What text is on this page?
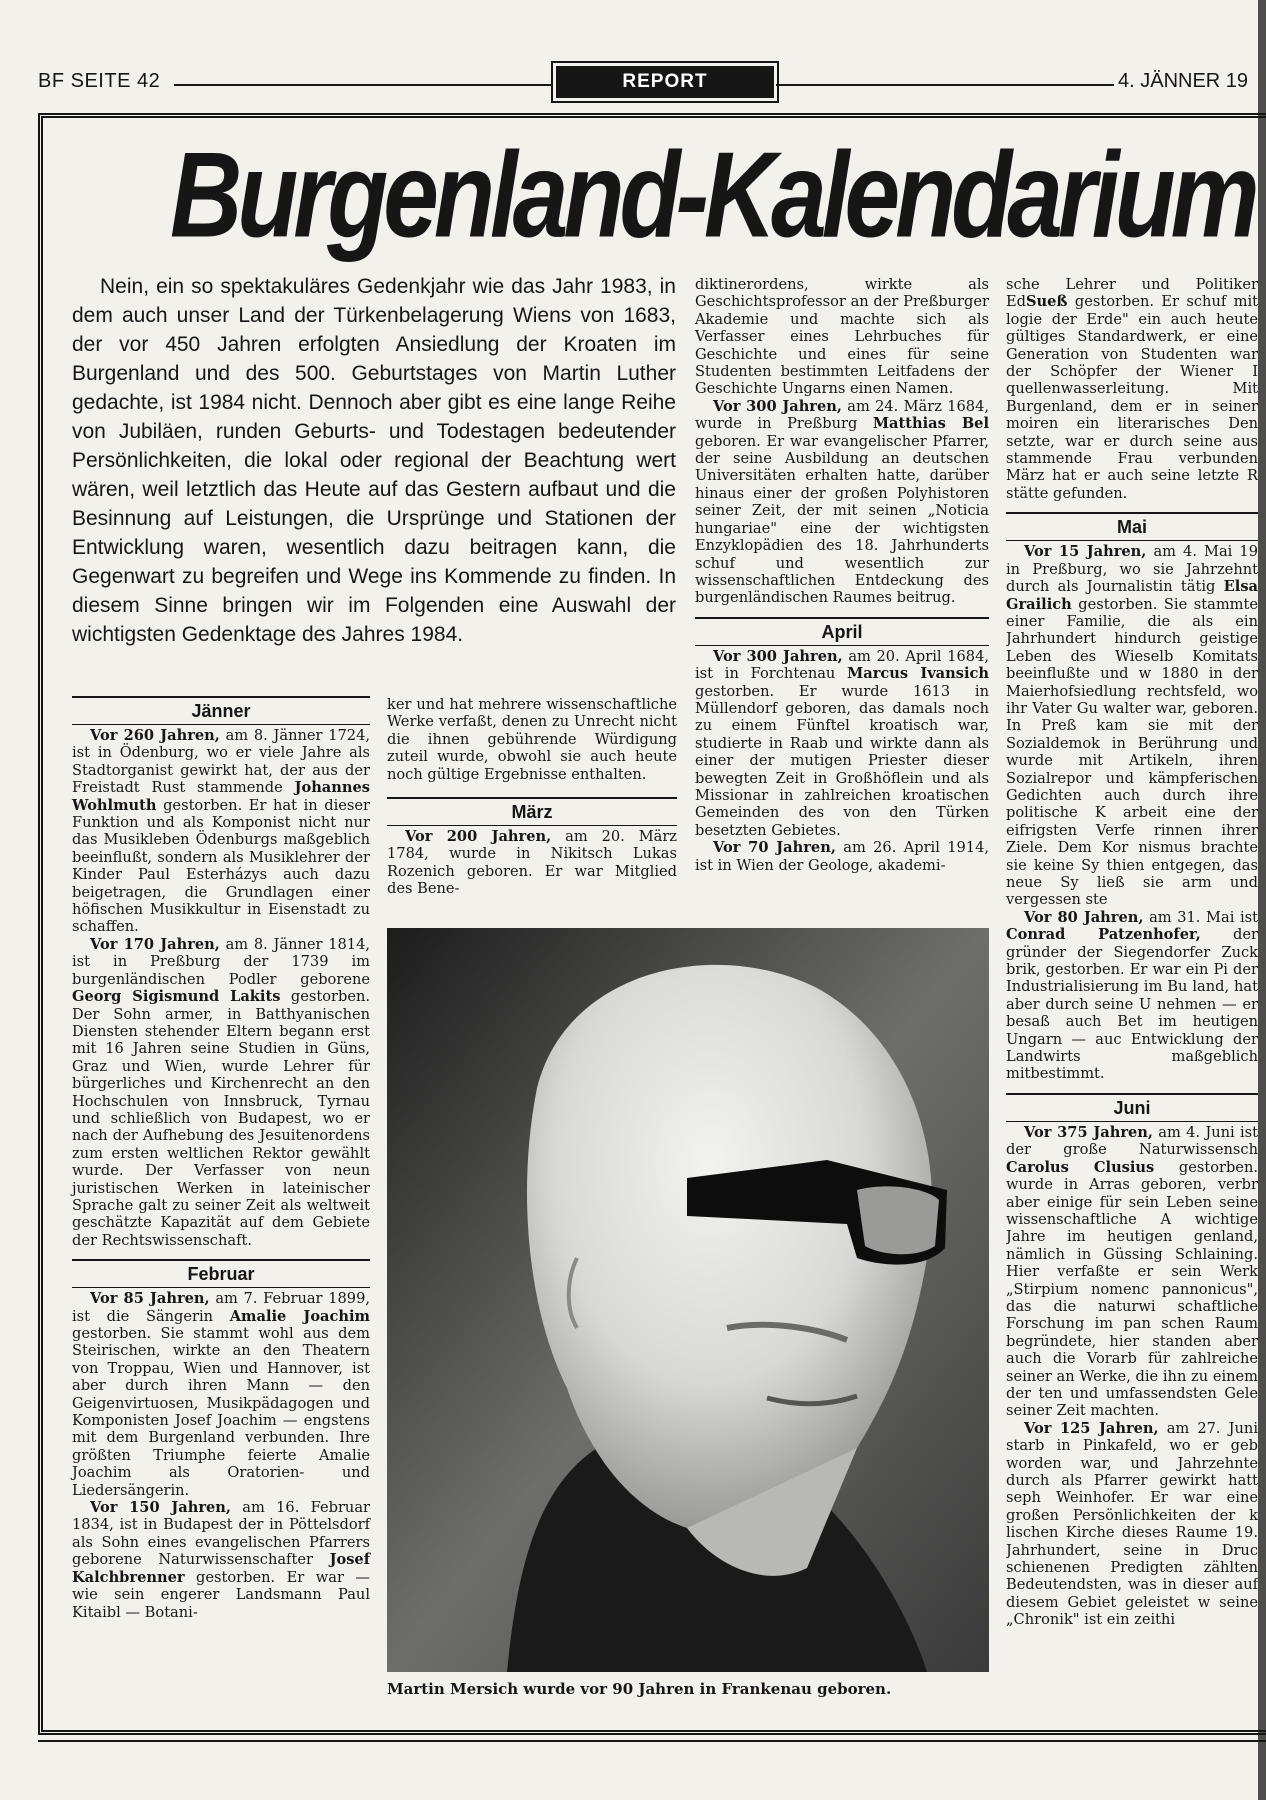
BF SEITE 42	REPORT	4. JÄNNER 19
Burgenland-Kalendarium

Nein, ein so spektakuläres Gedenkjahr wie das Jahr 1983, in dem auch unser Land der Türkenbelagerung Wiens von 1683, der vor 450 Jahren erfolgten Ansiedlung der Kroaten im Burgenland und des 500. Geburtstages von Martin Luther gedachte, ist 1984 nicht. Dennoch aber gibt es eine lange Reihe von Jubiläen, runden Geburts- und Todestagen bedeutender Persönlichkeiten, die lokal oder regional der Beachtung wert wären, weil letztlich das Heute auf das Gestern aufbaut und die Besinnung auf Leistungen, die Ursprünge und Stationen der Entwicklung waren, wesentlich dazu beitragen kann, die Gegenwart zu begreifen und Wege ins Kommende zu finden. In diesem Sinne bringen wir im Folgenden eine Auswahl der wichtigsten Gedenktage des Jahres 1984.

Jänner

Vor 260 Jahren, am 8. Jänner 1724, ist in Ödenburg, wo er viele Jahre als Stadtorganist gewirkt hat, der aus der Freistadt Rust stammende Johannes Wohlmuth gestorben. Er hat in dieser Funktion und als Komponist nicht nur das Musikleben Ödenburgs maßgeblich beeinflußt, sondern als Musiklehrer der Kinder Paul Esterházys auch dazu beigetragen, die Grundlagen einer höfischen Musikkultur in Eisenstadt zu schaffen.

Vor 170 Jahren, am 8. Jänner 1814, ist in Preßburg der 1739 im burgenländischen Podler geborene Georg Sigismund Lakits gestorben. Der Sohn armer, in Batthyanischen Diensten stehender Eltern begann erst mit 16 Jahren seine Studien in Güns, Graz und Wien, wurde Lehrer für bürgerliches und Kirchenrecht an den Hochschulen von Innsbruck, Tyrnau und schließlich von Budapest, wo er nach der Aufhebung des Jesuitenordens zum ersten weltlichen Rektor gewählt wurde. Der Verfasser von neun juristischen Werken in lateinischer Sprache galt zu seiner Zeit als weltweit geschätzte Kapazität auf dem Gebiete der Rechtswissenschaft.

Februar

Vor 85 Jahren, am 7. Februar 1899, ist die Sängerin Amalie Joachim gestorben. Sie stammt wohl aus dem Steirischen, wirkte an den Theatern von Troppau, Wien und Hannover, ist aber durch ihren Mann — den Geigenvirtuosen, Musikpädagogen und Komponisten Josef Joachim — engstens mit dem Burgenland verbunden. Ihre größten Triumphe feierte Amalie Joachim als Oratorien- und Liedersängerin.

Vor 150 Jahren, am 16. Februar 1834, ist in Budapest der in Pöttelsdorf als Sohn eines evangelischen Pfarrers geborene Naturwissenschafter Josef Kalchbrenner gestorben. Er war — wie sein engerer Landsmann Paul Kitaibl — Botani-

ker und hat mehrere wissenschaftliche Werke verfaßt, denen zu Unrecht nicht die ihnen gebührende Würdigung zuteil wurde, obwohl sie auch heute noch gültige Ergebnisse enthalten.

März

Vor 200 Jahren, am 20. März 1784, wurde in Nikitsch Lukas Rozenich geboren. Er war Mitglied des Bene-

diktinerordens, wirkte als Geschichtsprofessor an der Preßburger Akademie und machte sich als Verfasser eines Lehrbuches für Geschichte und eines für seine Studenten bestimmten Leitfadens der Geschichte Ungarns einen Namen.

Vor 300 Jahren, am 24. März 1684, wurde in Preßburg Matthias Bel geboren. Er war evangelischer Pfarrer, der seine Ausbildung an deutschen Universitäten erhalten hatte, darüber hinaus einer der großen Polyhistoren seiner Zeit, der mit seinen „Noticia hungariae" eine der wichtigsten Enzyklopädien des 18. Jahrhunderts schuf und wesentlich zur wissenschaftlichen Entdeckung des burgenländischen Raumes beitrug.

April

Vor 300 Jahren, am 20. April 1684, ist in Forchtenau Marcus Ivansich gestorben. Er wurde 1613 in Müllendorf geboren, das damals noch zu einem Fünftel kroatisch war, studierte in Raab und wirkte dann als einer der mutigen Priester dieser bewegten Zeit in Großhöflein und als Missionar in zahlreichen kroatischen Gemeinden des von den Türken besetzten Gebietes.

Vor 70 Jahren, am 26. April 1914, ist in Wien der Geologe, akademi-

sche Lehrer und Politiker EdSueß gestorben. Er schuf mit logie der Erde" ein auch heute gültiges Standardwerk, er eine Generation von Studenten war der Schöpfer der Wiener I quellenwasserleitung. Mit Burgenland, dem er in seiner moiren ein literarisches Den setzte, war er durch seine aus stammende Frau verbunden März hat er auch seine letzte R stätte gefunden.

Mai

Vor 15 Jahren, am 4. Mai 19 in Preßburg, wo sie Jahrzehnt durch als Journalistin tätig Elsa Grailich gestorben. Sie stammte einer Familie, die als ein Jahrhundert hindurch geistige Leben des Wieselb Komitats beeinflußte und w 1880 in der Maierhofsiedlung rechtsfeld, wo ihr Vater Gu walter war, geboren. In Preß kam sie mit der Sozialdemok in Berührung und wurde mit Artikeln, ihren Sozialrepor und kämpferischen Gedichten auch durch ihre politische K arbeit eine der eifrigsten Verfe rinnen ihrer Ziele. Dem Kor nismus brachte sie keine Sy thien entgegen, das neue Sy ließ sie arm und vergessen ste

Vor 80 Jahren, am 31. Mai ist Conrad Patzenhofer, der gründer der Siegendorfer Zuck brik, gestorben. Er war ein Pi der Industrialisierung im Bu land, hat aber durch seine U nehmen — er besaß auch Bet im heutigen Ungarn — auc Entwicklung der Landwirts maßgeblich mitbestimmt.

Juni

Vor 375 Jahren, am 4. Juni ist der große Naturwissensch Carolus Clusius gestorben. wurde in Arras geboren, verbr aber einige für sein Leben seine wissenschaftliche A wichtige Jahre im heutigen genland, nämlich in Güssing Schlaining. Hier verfaßte er sein Werk „Stirpium nomenc pannonicus", das die naturwi schaftliche Forschung im pan schen Raum begründete, hier standen aber auch die Vorarb für zahlreiche seiner an Werke, die ihn zu einem der ten und umfassendsten Gele seiner Zeit machten.

Vor 125 Jahren, am 27. Juni starb in Pinkafeld, wo er geb worden war, und Jahrzehnte durch als Pfarrer gewirkt hatt seph Weinhofer. Er war eine großen Persönlichkeiten der k lischen Kirche dieses Raume 19. Jahrhundert, seine in Druc schienenen Predigten zählten Bedeutendsten, was in dieser auf diesem Gebiet geleistet w seine „Chronik" ist ein zeithi

Martin Mersich wurde vor 90 Jahren in Frankenau geboren.
